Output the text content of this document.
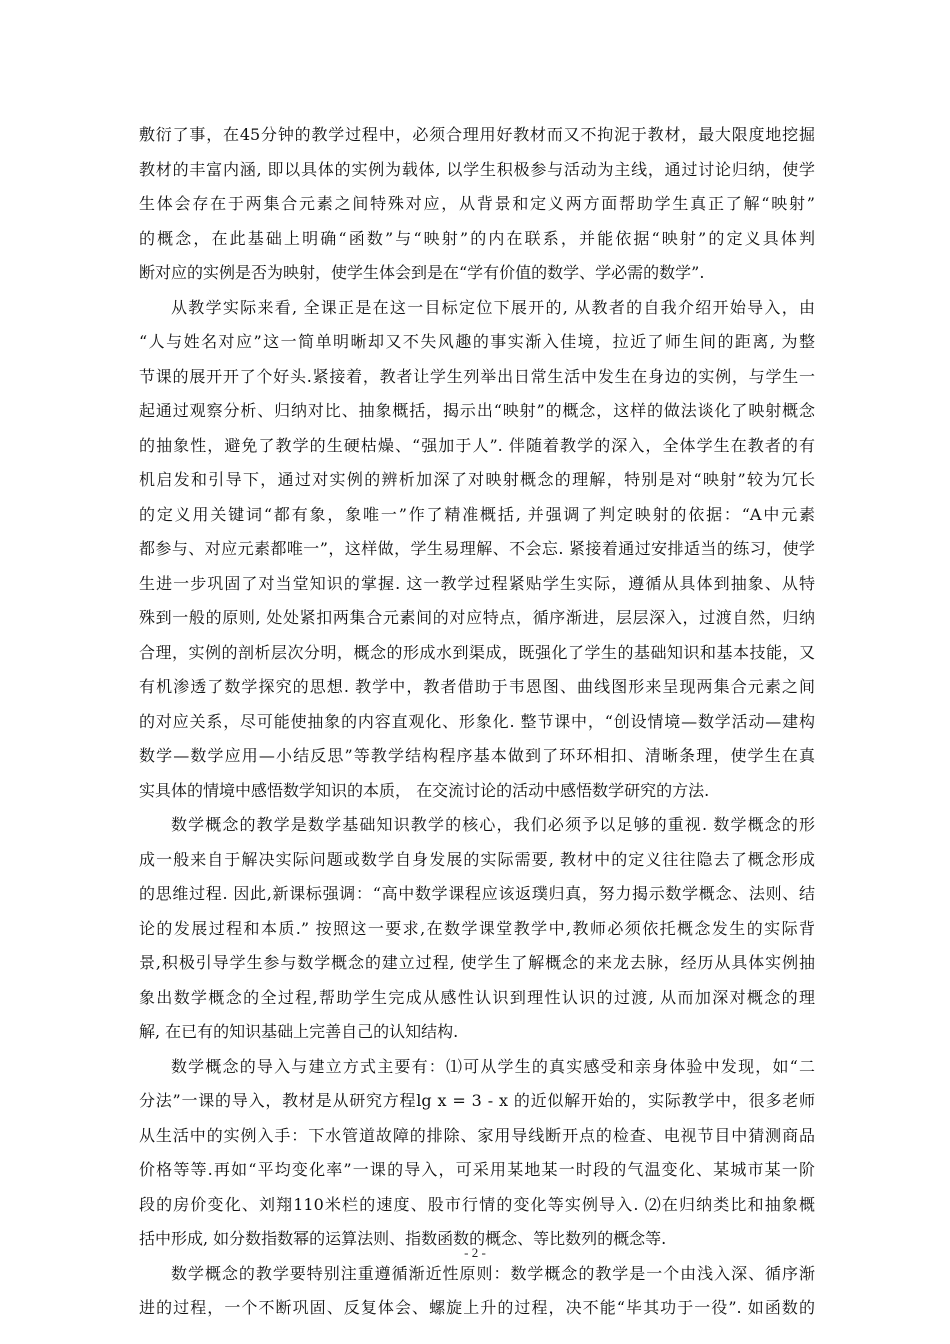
敷衍了事，在45分钟的教学过程中，必须合理用好教材而又不拘泥于教材，最大限度地挖掘
教材的丰富内涵, 即以具体的实例为载体, 以学生积极参与活动为主线，通过讨论归纳，使学
生体会存在于两集合元素之间特殊对应，从背景和定义两方面帮助学生真正了解“映射”
的概念，在此基础上明确“函数”与“映射”的内在联系，并能依据“映射”的定义具体判
断对应的实例是否为映射，使学生体会到是在“学有价值的数学、学必需的数学”.
从教学实际来看, 全课正是在这一目标定位下展开的, 从教者的自我介绍开始导入，由
“人与姓名对应”这一简单明晰却又不失风趣的事实渐入佳境，拉近了师生间的距离, 为整
节课的展开开了个好头.紧接着，教者让学生列举出日常生活中发生在身边的实例，与学生一
起通过观察分析、归纳对比、抽象概括，揭示出“映射”的概念，这样的做法谈化了映射概念
的抽象性，避免了教学的生硬枯燥、“强加于人”. 伴随着教学的深入，全体学生在教者的有
机启发和引导下，通过对实例的辨析加深了对映射概念的理解，特别是对“映射”较为冗长
的定义用关键词“都有象，象唯一”作了精准概括, 并强调了判定映射的依据：“A中元素
都参与、对应元素都唯一”，这样做，学生易理解、不会忘. 紧接着通过安排适当的练习，使学
生进一步巩固了对当堂知识的掌握. 这一教学过程紧贴学生实际，遵循从具体到抽象、从特
殊到一般的原则, 处处紧扣两集合元素间的对应特点，循序渐进，层层深入，过渡自然，归纳
合理，实例的剖析层次分明，概念的形成水到渠成，既强化了学生的基础知识和基本技能，又
有机渗透了数学探究的思想. 教学中，教者借助于韦恩图、曲线图形来呈现两集合元素之间
的对应关系，尽可能使抽象的内容直观化、形象化. 整节课中，“创设情境—数学活动—建构
数学—数学应用—小结反思”等教学结构程序基本做到了环环相扣、清晰条理，使学生在真
实具体的情境中感悟数学知识的本质， 在交流讨论的活动中感悟数学研究的方法.
数学概念的教学是数学基础知识教学的核心，我们必须予以足够的重视. 数学概念的形
成一般来自于解决实际问题或数学自身发展的实际需要, 教材中的定义往往隐去了概念形成
的思维过程. 因此,新课标强调：“高中数学课程应该返璞归真，努力揭示数学概念、法则、结
论的发展过程和本质.” 按照这一要求,在数学课堂教学中,教师必须依托概念发生的实际背
景,积极引导学生参与数学概念的建立过程, 使学生了解概念的来龙去脉，经历从具体实例抽
象出数学概念的全过程,帮助学生完成从感性认识到理性认识的过渡, 从而加深对概念的理
解, 在已有的知识基础上完善自己的认知结构.
数学概念的导入与建立方式主要有：⑴可从学生的真实感受和亲身体验中发现，如“二
分法”一课的导入，教材是从研究方程lg x = 3 - x 的近似解开始的，实际教学中，很多老师
从生活中的实例入手：下水管道故障的排除、家用导线断开点的检查、电视节目中猜测商品
价格等等.再如“平均变化率”一课的导入，可采用某地某一时段的气温变化、某城市某一阶
段的房价变化、刘翔110米栏的速度、股市行情的变化等实例导入. ⑵在归纳类比和抽象概
括中形成, 如分数指数幂的运算法则、指数函数的概念、等比数列的概念等.
数学概念的教学要特别注重遵循渐近性原则：数学概念的教学是一个由浅入深、循序渐
进的过程，一个不断巩固、反复体会、螺旋上升的过程，决不能“毕其功于一役”. 如函数的
- 2 -
